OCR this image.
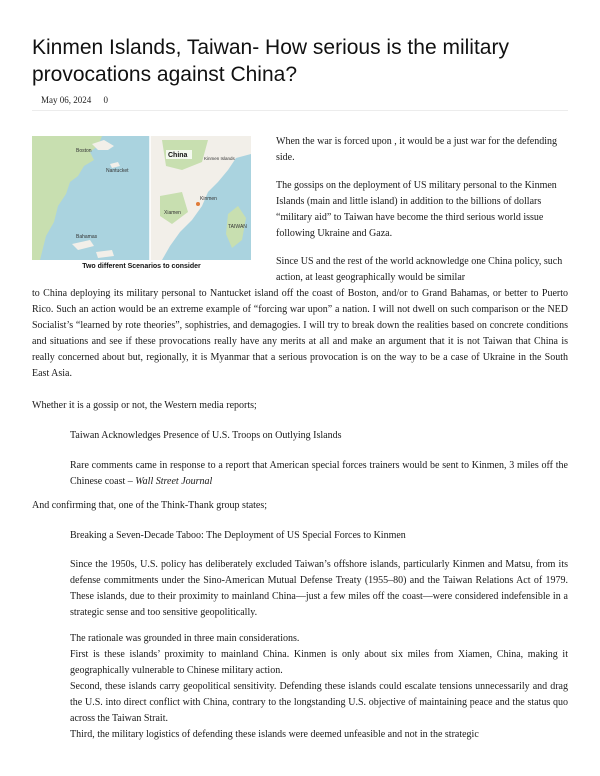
Kinmen Islands, Taiwan- How serious is the military provocations against China?
May 06, 2024 0
Boston
Nantucket
Bahamas
China	Kinmen Islands
Xiamen
Kinmen
TAIWAN
Two different Scenarios to consider

When the war is forced upon , it would be a just war for the defending side.

The gossips on the deployment of US military personal to the Kinmen Islands (main and little island) in addition to the billions of dollars “military aid” to Taiwan have become the third serious world issue following Ukraine and Gaza.

Since US and the rest of the world acknowledge one China policy, such action, at least geographically would be similar

to China deploying its military personal to Nantucket island off the coast of Boston, and/or to Grand Bahamas, or better to Puerto Rico. Such an action would be an extreme example of “forcing war upon” a nation. I will not dwell on such comparison or the NED Socialist’s “learned by rote theories”, sophistries, and demagogies. I will try to break down the realities based on concrete conditions and situations and see if these provocations really have any merits at all and make an argument that it is not Taiwan that China is really concerned about but, regionally, it is Myanmar that a serious provocation is on the way to be a case of Ukraine in the South East Asia.

Whether it is a gossip or not, the Western media reports;

Taiwan Acknowledges Presence of U.S. Troops on Outlying Islands

Rare comments came in response to a report that American special forces trainers would be sent to Kinmen, 3 miles off the Chinese coast – Wall Street Journal

And confirming that, one of the Think-Thank group states;

Breaking a Seven-Decade Taboo: The Deployment of US Special Forces to Kinmen

Since the 1950s, U.S. policy has deliberately excluded Taiwan’s offshore islands, particularly Kinmen and Matsu, from its defense commitments under the Sino-American Mutual Defense Treaty (1955–80) and the Taiwan Relations Act of 1979. These islands, due to their proximity to mainland China—just a few miles off the coast—were considered indefensible in a strategic sense and too sensitive geopolitically.

The rationale was grounded in three main considerations.

First is these islands’ proximity to mainland China. Kinmen is only about six miles from Xiamen, China, making it geographically vulnerable to Chinese military action.

Second, these islands carry geopolitical sensitivity. Defending these islands could escalate tensions unnecessarily and drag the U.S. into direct conflict with China, contrary to the longstanding U.S. objective of maintaining peace and the status quo across the Taiwan Strait.

Third, the military logistics of defending these islands were deemed unfeasible and not in the strategic
